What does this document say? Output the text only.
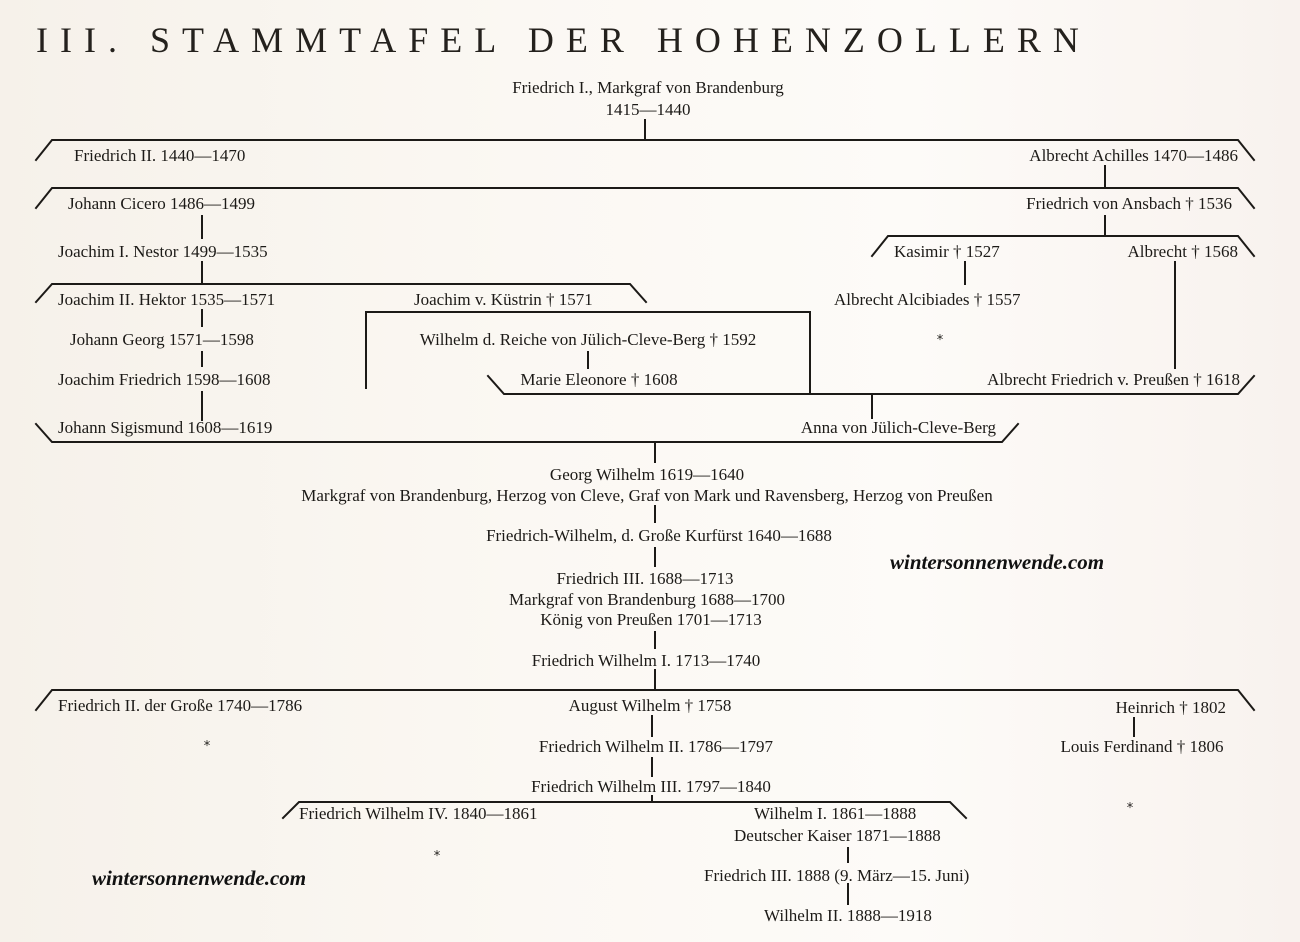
III. STAMMTAFEL DER HOHENZOLLERN
Friedrich I., Markgraf von Brandenburg
1415—1440
Friedrich II. 1440—1470	Albrecht Achilles 1470—1486
Johann Cicero 1486—1499	Friedrich von Ansbach † 1536
Joachim I. Nestor 1499—1535	Kasimir † 1527	Albrecht † 1568
Joachim II. Hektor 1535—1571	Joachim v. Küstrin † 1571	Albrecht Alcibiades † 1557
Johann Georg 1571—1598	Wilhelm d. Reiche von Jülich-Cleve-Berg † 1592	*
Joachim Friedrich 1598—1608	Marie Eleonore † 1608	Albrecht Friedrich v. Preußen † 1618
Johann Sigismund 1608—1619	Anna von Jülich-Cleve-Berg
Georg Wilhelm 1619—1640
Markgraf von Brandenburg, Herzog von Cleve, Graf von Mark und Ravensberg, Herzog von Preußen
Friedrich-Wilhelm, d. Große Kurfürst 1640—1688
Friedrich III. 1688—1713
Markgraf von Brandenburg 1688—1700
König von Preußen 1701—1713
Friedrich Wilhelm I. 1713—1740
Friedrich II. der Große 1740—1786	August Wilhelm † 1758	Heinrich † 1802
*	Friedrich Wilhelm II. 1786—1797	Louis Ferdinand † 1806
Friedrich Wilhelm III. 1797—1840
*
Friedrich Wilhelm IV. 1840—1861	Wilhelm I. 1861—1888
Deutscher Kaiser 1871—1888
*
Friedrich III. 1888 (9. März—15. Juni)
Wilhelm II. 1888—1918
wintersonnenwende.com
wintersonnenwende.com
